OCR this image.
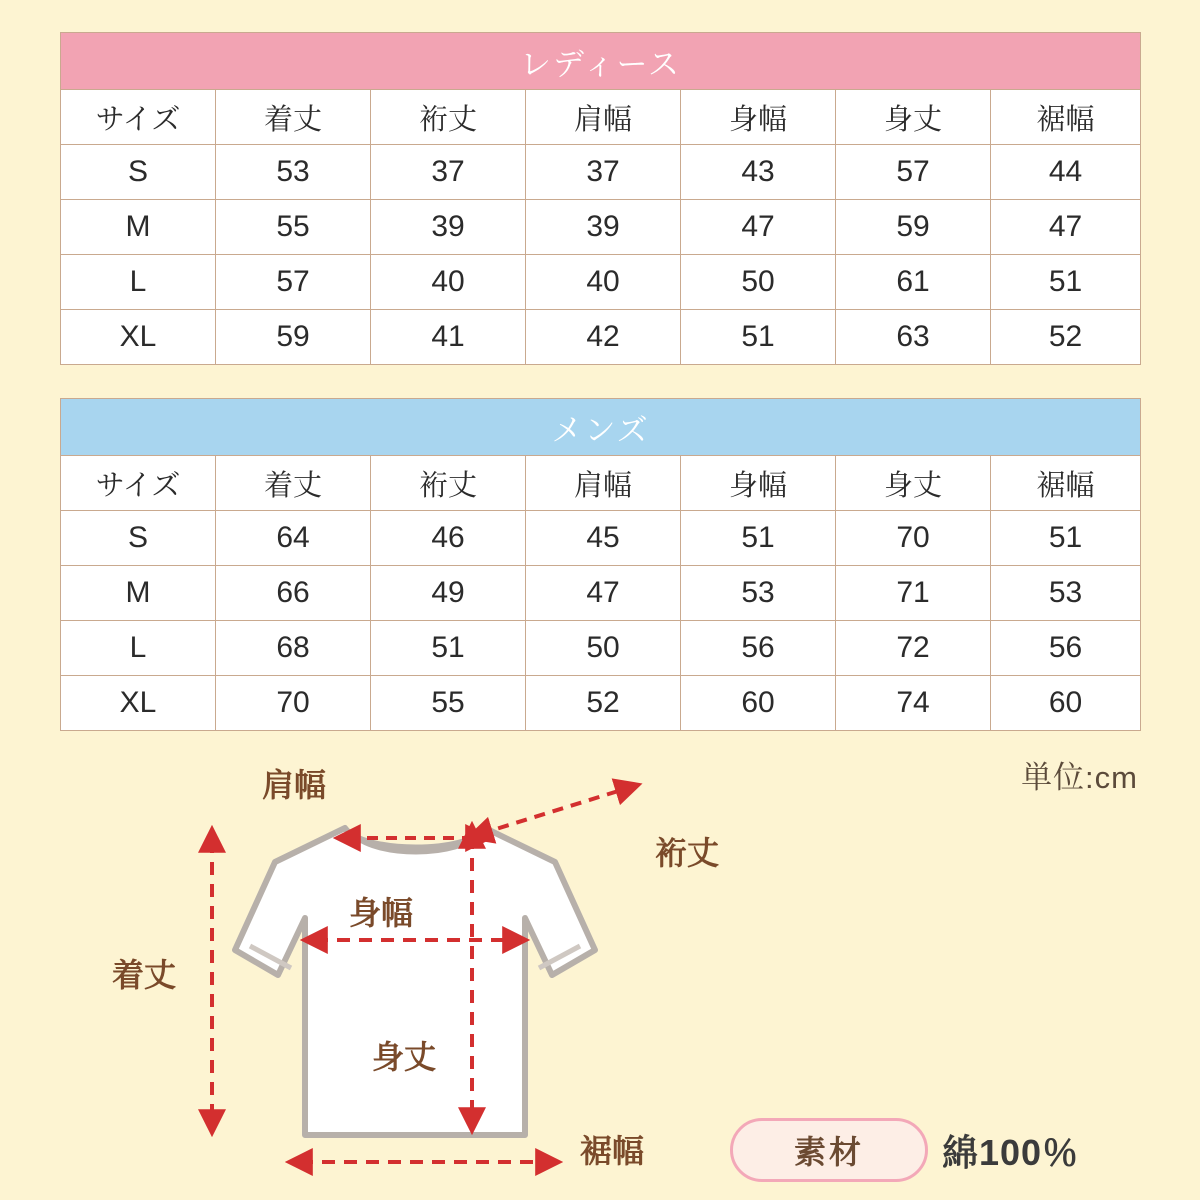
レディース						
サイズ	着丈	裄丈	肩幅	身幅	身丈	裾幅
S	53	37	37	43	57	44
M	55	39	39	47	59	47
L	57	40	40	50	61	51
XL	59	41	42	51	63	52
メンズ						
サイズ	着丈	裄丈	肩幅	身幅	身丈	裾幅
S	64	46	45	51	70	51
M	66	49	47	53	71	53
L	68	51	50	56	72	56
XL	70	55	52	60	74	60
単位:cm
肩幅
裄丈
身幅
着丈
身丈
裾幅	素材	綿100％
